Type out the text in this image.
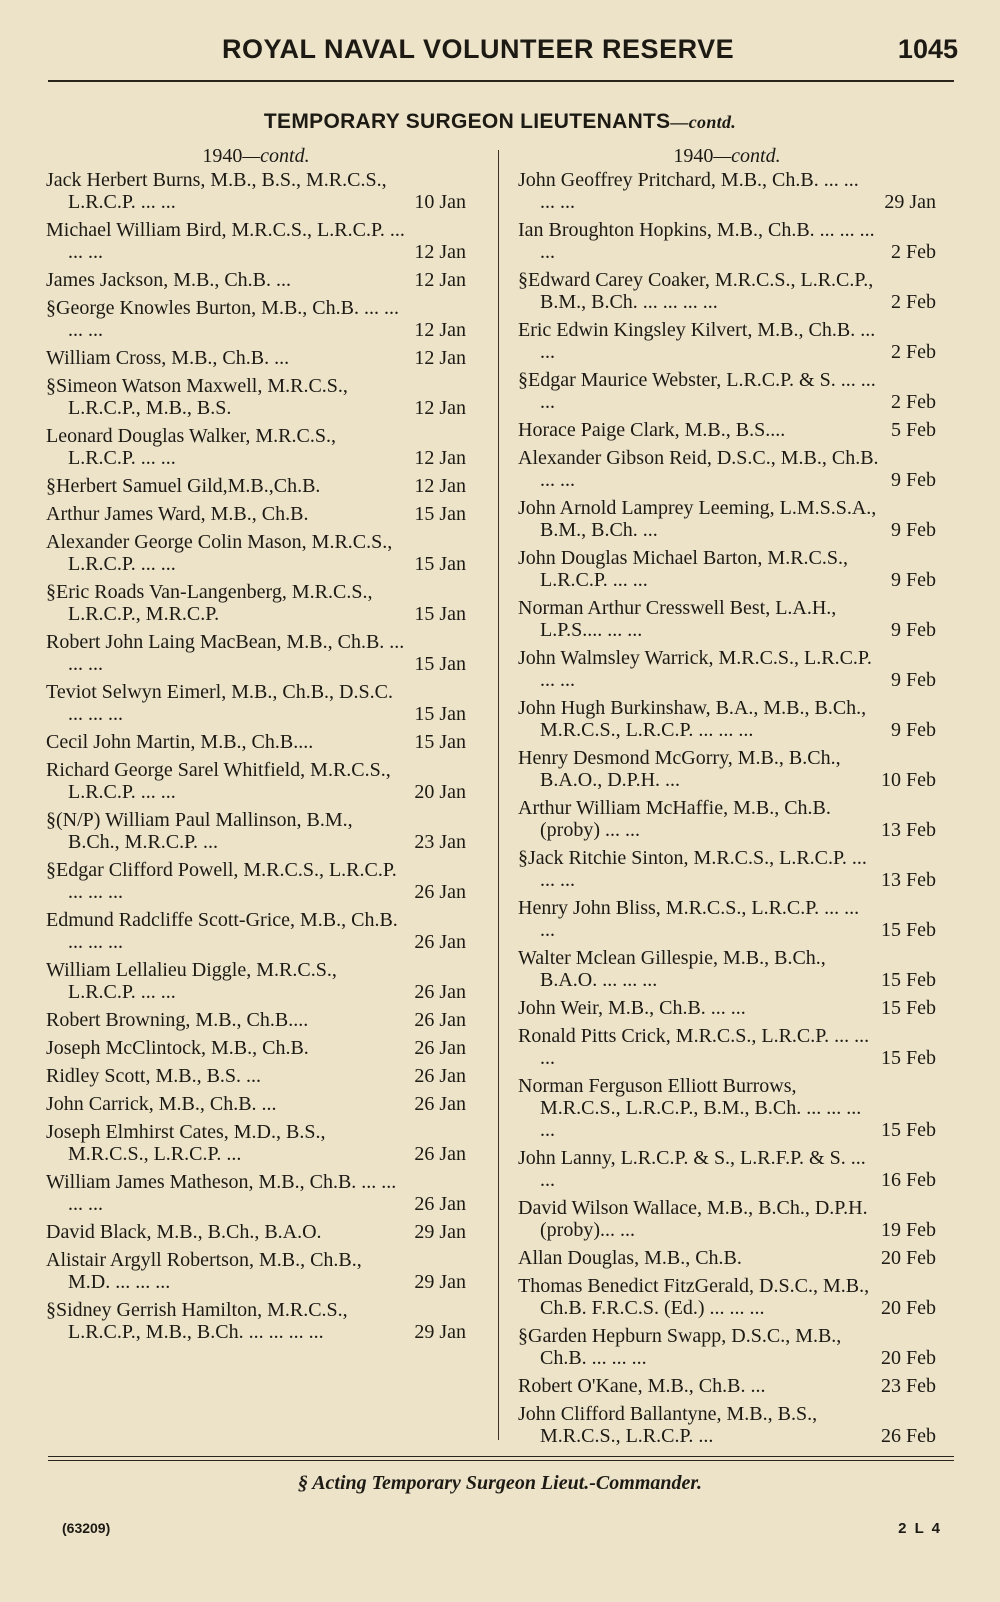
ROYAL NAVAL VOLUNTEER RESERVE	1045
TEMPORARY SURGEON LIEUTENANTS—contd.
1940—contd.
Jack Herbert Burns, M.B., B.S., M.R.C.S., L.R.C.P. ... ...	10 Jan
Michael William Bird, M.R.C.S., L.R.C.P. ... ... ...	12 Jan
James Jackson, M.B., Ch.B. ...	12 Jan
§George Knowles Burton, M.B., Ch.B. ... ... ... ...	12 Jan
William Cross, M.B., Ch.B. ...	12 Jan
§Simeon Watson Maxwell, M.R.C.S., L.R.C.P., M.B., B.S.	12 Jan
Leonard Douglas Walker, M.R.C.S., L.R.C.P. ... ...	12 Jan
§Herbert Samuel Gild,M.B.,Ch.B.	12 Jan
Arthur James Ward, M.B., Ch.B.	15 Jan
Alexander George Colin Mason, M.R.C.S., L.R.C.P. ... ...	15 Jan
§Eric Roads Van-Langenberg, M.R.C.S., L.R.C.P., M.R.C.P.	15 Jan
Robert John Laing MacBean, M.B., Ch.B. ... ... ...	15 Jan
Teviot Selwyn Eimerl, M.B., Ch.B., D.S.C. ... ... ...	15 Jan
Cecil John Martin, M.B., Ch.B....	15 Jan
Richard George Sarel Whitfield, M.R.C.S., L.R.C.P. ... ...	20 Jan
§(N/P) William Paul Mallinson, B.M., B.Ch., M.R.C.P. ...	23 Jan
§Edgar Clifford Powell, M.R.C.S., L.R.C.P. ... ... ...	26 Jan
Edmund Radcliffe Scott-Grice, M.B., Ch.B. ... ... ...	26 Jan
William Lellalieu Diggle, M.R.C.S., L.R.C.P. ... ...	26 Jan
Robert Browning, M.B., Ch.B....	26 Jan
Joseph McClintock, M.B., Ch.B.	26 Jan
Ridley Scott, M.B., B.S. ...	26 Jan
John Carrick, M.B., Ch.B. ...	26 Jan
Joseph Elmhirst Cates, M.D., B.S., M.R.C.S., L.R.C.P. ...	26 Jan
William James Matheson, M.B., Ch.B. ... ... ... ...	26 Jan
David Black, M.B., B.Ch., B.A.O.	29 Jan
Alistair Argyll Robertson, M.B., Ch.B., M.D. ... ... ...	29 Jan
§Sidney Gerrish Hamilton, M.R.C.S., L.R.C.P., M.B., B.Ch. ... ... ... ...	29 Jan
1940—contd.
John Geoffrey Pritchard, M.B., Ch.B. ... ... ... ...	29 Jan
Ian Broughton Hopkins, M.B., Ch.B. ... ... ... ...	2 Feb
§Edward Carey Coaker, M.R.C.S., L.R.C.P., B.M., B.Ch. ... ... ... ...	2 Feb
Eric Edwin Kingsley Kilvert, M.B., Ch.B. ... ...	2 Feb
§Edgar Maurice Webster, L.R.C.P. & S. ... ... ...	2 Feb
Horace Paige Clark, M.B., B.S....	5 Feb
Alexander Gibson Reid, D.S.C., M.B., Ch.B. ... ...	9 Feb
John Arnold Lamprey Leeming, L.M.S.S.A., B.M., B.Ch. ...	9 Feb
John Douglas Michael Barton, M.R.C.S., L.R.C.P. ... ...	9 Feb
Norman Arthur Cresswell Best, L.A.H., L.P.S.... ... ...	9 Feb
John Walmsley Warrick, M.R.C.S., L.R.C.P. ... ...	9 Feb
John Hugh Burkinshaw, B.A., M.B., B.Ch., M.R.C.S., L.R.C.P. ... ... ...	9 Feb
Henry Desmond McGorry, M.B., B.Ch., B.A.O., D.P.H. ...	10 Feb
Arthur William McHaffie, M.B., Ch.B. (proby) ... ...	13 Feb
§Jack Ritchie Sinton, M.R.C.S., L.R.C.P. ... ... ...	13 Feb
Henry John Bliss, M.R.C.S., L.R.C.P. ... ... ...	15 Feb
Walter Mclean Gillespie, M.B., B.Ch., B.A.O. ... ... ...	15 Feb
John Weir, M.B., Ch.B. ... ...	15 Feb
Ronald Pitts Crick, M.R.C.S., L.R.C.P. ... ... ...	15 Feb
Norman Ferguson Elliott Burrows, M.R.C.S., L.R.C.P., B.M., B.Ch. ... ... ... ...	15 Feb
John Lanny, L.R.C.P. & S., L.R.F.P. & S. ... ...	16 Feb
David Wilson Wallace, M.B., B.Ch., D.P.H. (proby)... ...	19 Feb
Allan Douglas, M.B., Ch.B.	20 Feb
Thomas Benedict FitzGerald, D.S.C., M.B., Ch.B. F.R.C.S. (Ed.) ... ... ...	20 Feb
§Garden Hepburn Swapp, D.S.C., M.B., Ch.B. ... ... ...	20 Feb
Robert O'Kane, M.B., Ch.B. ...	23 Feb
John Clifford Ballantyne, M.B., B.S., M.R.C.S., L.R.C.P. ...	26 Feb
§ Acting Temporary Surgeon Lieut.-Commander.
(63209)	2 L 4
